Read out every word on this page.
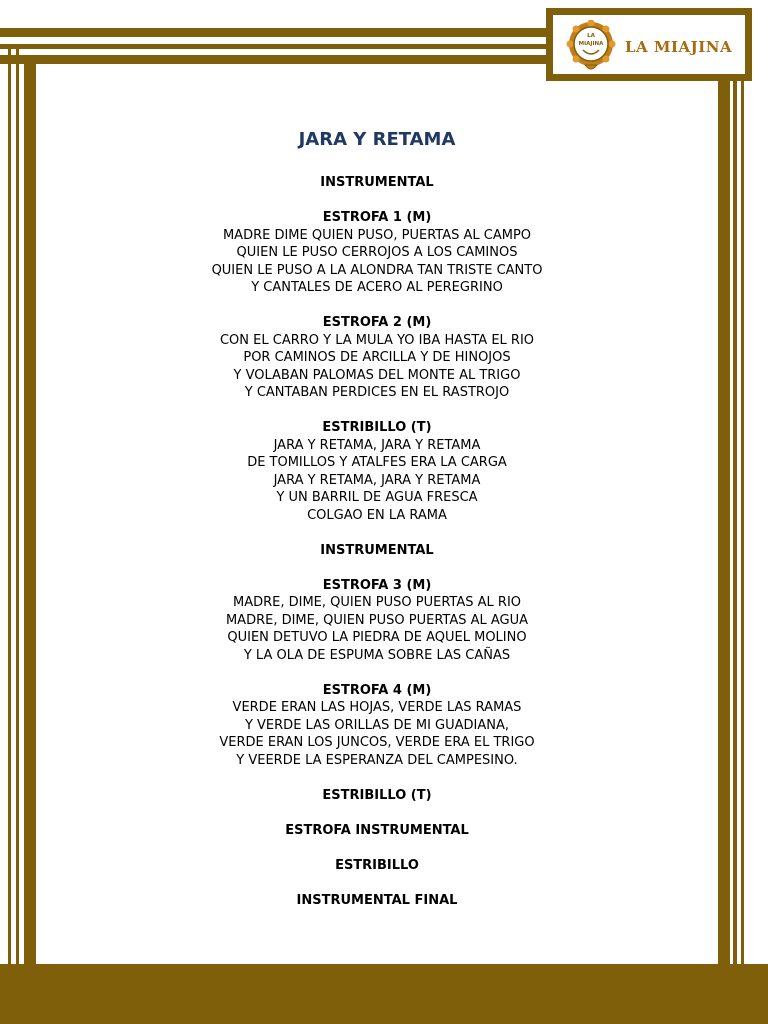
LA
MIAJINA LA MIAJINA
JARA Y RETAMA
INSTRUMENTAL
ESTROFA 1 (M)
MADRE DIME QUIEN PUSO, PUERTAS AL CAMPO
QUIEN LE PUSO CERROJOS A LOS CAMINOS
QUIEN LE PUSO A LA ALONDRA TAN TRISTE CANTO
Y CANTALES DE ACERO AL PEREGRINO
ESTROFA 2 (M)
CON EL CARRO Y LA MULA YO IBA HASTA EL RIO
POR CAMINOS DE ARCILLA Y DE HINOJOS
Y VOLABAN PALOMAS DEL MONTE AL TRIGO
Y CANTABAN PERDICES EN EL RASTROJO
ESTRIBILLO (T)
JARA Y RETAMA, JARA Y RETAMA
DE TOMILLOS Y ATALFES ERA LA CARGA
JARA Y RETAMA, JARA Y RETAMA
Y UN BARRIL DE AGUA FRESCA
COLGAO EN LA RAMA
INSTRUMENTAL
ESTROFA 3 (M)
MADRE, DIME, QUIEN PUSO PUERTAS AL RIO
MADRE, DIME, QUIEN PUSO PUERTAS AL AGUA
QUIEN DETUVO LA PIEDRA DE AQUEL MOLINO
Y LA OLA DE ESPUMA SOBRE LAS CAÑAS
ESTROFA 4 (M)
VERDE ERAN LAS HOJAS, VERDE LAS RAMAS
Y VERDE LAS ORILLAS DE MI GUADIANA,
VERDE ERAN LOS JUNCOS, VERDE ERA EL TRIGO
Y VEERDE LA ESPERANZA DEL CAMPESINO.
ESTRIBILLO (T)
ESTROFA INSTRUMENTAL
ESTRIBILLO
INSTRUMENTAL FINAL
